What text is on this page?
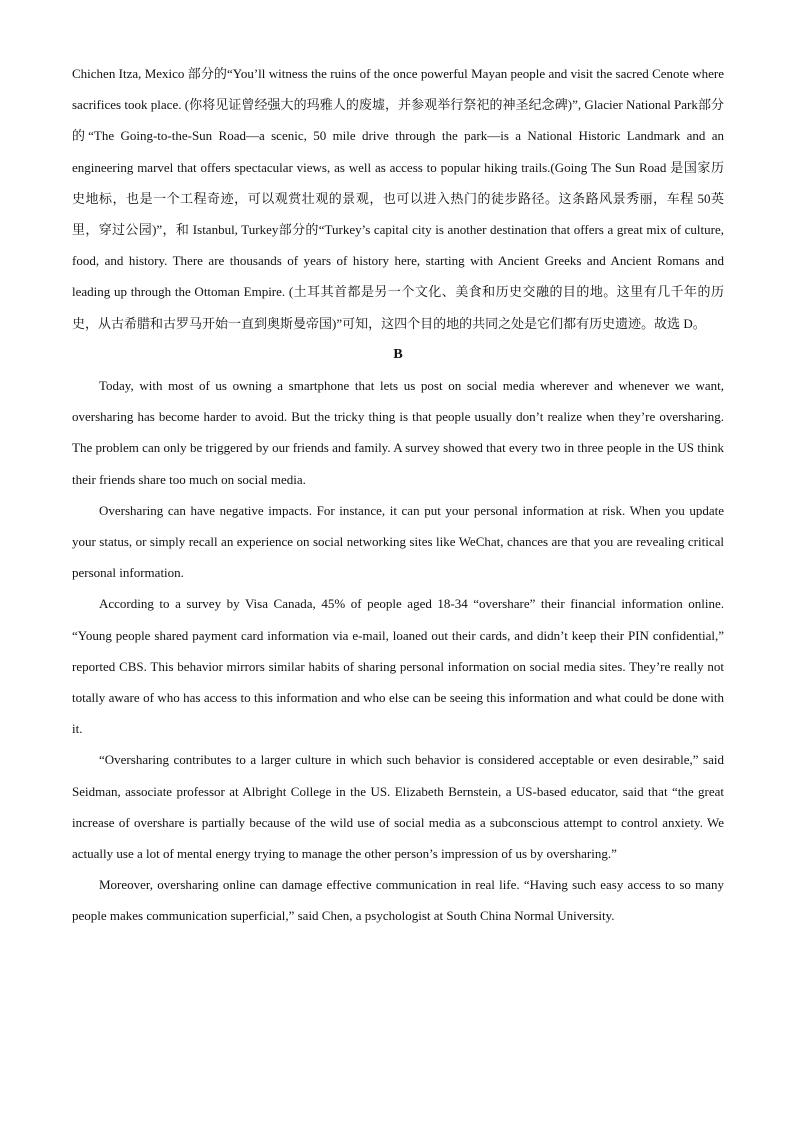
Chichen Itza, Mexico 部分的“You’ll witness the ruins of the once powerful Mayan people and visit the sacred Cenote where sacrifices took place. (你将见证曾经强大的玛雅人的废墟，并参观举行祭祀的神圣纪念碑)”, Glacier National Park部分的“The Going-to-the-Sun Road—a scenic, 50 mile drive through the park—is a National Historic Landmark and an engineering marvel that offers spectacular views, as well as access to popular hiking trails.(Going The Sun Road 是国家历史地标，也是一个工程奇迹，可以观赏壮观的景观，也可以进入热门的徒步路径。这条路风景秀丽，车程 50英里，穿过公园)”，和 Istanbul, Turkey部分的“Turkey’s capital city is another destination that offers a great mix of culture, food, and history. There are thousands of years of history here, starting with Ancient Greeks and Ancient Romans and leading up through the Ottoman Empire. (土耳其首都是另一个文化、美食和历史交融的目的地。这里有几千年的历史，从古希腊和古罗马开始一直到奥斯曼帝国)”可知，这四个目的地的共同之处是它们都有历史遗迹。故选 D。

B

Today, with most of us owning a smartphone that lets us post on social media wherever and whenever we want, oversharing has become harder to avoid. But the tricky thing is that people usually don’t realize when they’re oversharing. The problem can only be triggered by our friends and family. A survey showed that every two in three people in the US think their friends share too much on social media.

Oversharing can have negative impacts. For instance, it can put your personal information at risk. When you update your status, or simply recall an experience on social networking sites like WeChat, chances are that you are revealing critical personal information.

According to a survey by Visa Canada, 45% of people aged 18-34 “overshare” their financial information online. “Young people shared payment card information via e-mail, loaned out their cards, and didn’t keep their PIN confidential,” reported CBS. This behavior mirrors similar habits of sharing personal information on social media sites. They’re really not totally aware of who has access to this information and who else can be seeing this information and what could be done with it.

“Oversharing contributes to a larger culture in which such behavior is considered acceptable or even desirable,” said Seidman, associate professor at Albright College in the US. Elizabeth Bernstein, a US-based educator, said that “the great increase of overshare is partially because of the wild use of social media as a subconscious attempt to control anxiety. We actually use a lot of mental energy trying to manage the other person’s impression of us by oversharing.”

Moreover, oversharing online can damage effective communication in real life. “Having such easy access to so many people makes communication superficial,” said Chen, a psychologist at South China Normal University.
